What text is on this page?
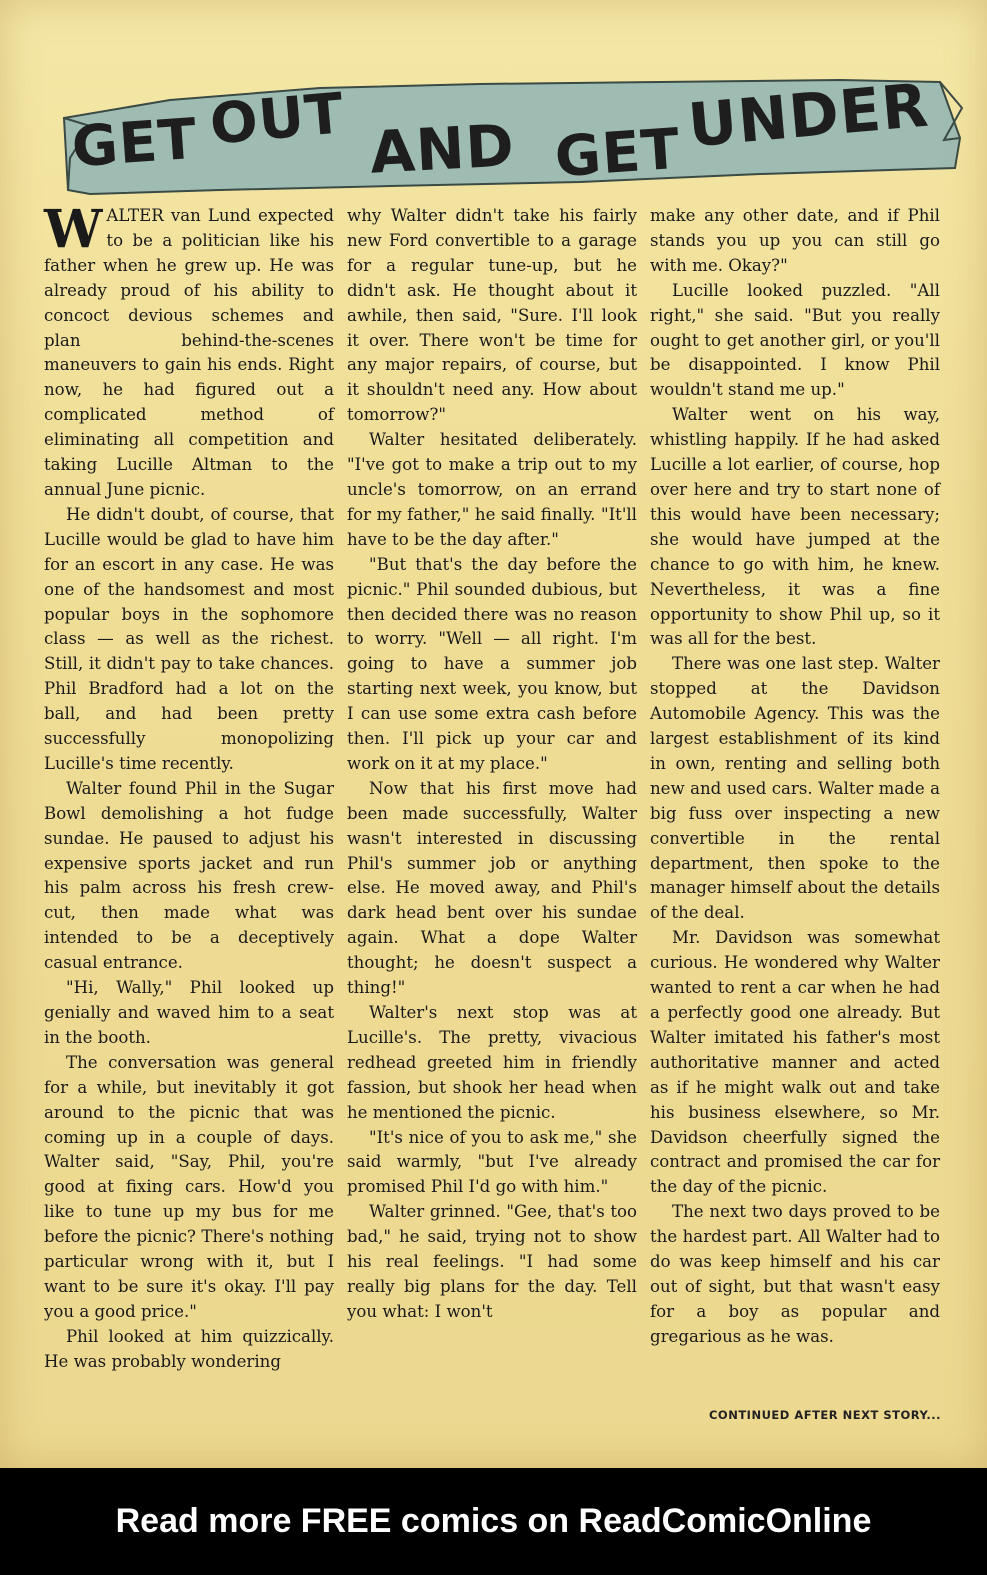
GET OUT AND GET UNDER

WALTER van Lund expected to be a politician like his father when he grew up. He was already proud of his ability to concoct devious schemes and plan behind-the-scenes maneuvers to gain his ends. Right now, he had figured out a complicated method of eliminating all competition and taking Lucille Altman to the annual June picnic.

He didn't doubt, of course, that Lucille would be glad to have him for an escort in any case. He was one of the handsomest and most popular boys in the sophomore class — as well as the richest. Still, it didn't pay to take chances. Phil Bradford had a lot on the ball, and had been pretty successfully monopolizing Lucille's time recently.

Walter found Phil in the Sugar Bowl demolishing a hot fudge sundae. He paused to adjust his expensive sports jacket and run his palm across his fresh crew-cut, then made what was intended to be a deceptively casual entrance.

"Hi, Wally," Phil looked up genially and waved him to a seat in the booth.

The conversation was general for a while, but inevitably it got around to the picnic that was coming up in a couple of days. Walter said, "Say, Phil, you're good at fixing cars. How'd you like to tune up my bus for me before the picnic? There's nothing particular wrong with it, but I want to be sure it's okay. I'll pay you a good price."

Phil looked at him quizzically. He was probably wondering

why Walter didn't take his fairly new Ford convertible to a garage for a regular tune-up, but he didn't ask. He thought about it awhile, then said, "Sure. I'll look it over. There won't be time for any major repairs, of course, but it shouldn't need any. How about tomorrow?"

Walter hesitated deliberately. "I've got to make a trip out to my uncle's tomorrow, on an errand for my father," he said finally. "It'll have to be the day after."

"But that's the day before the picnic." Phil sounded dubious, but then decided there was no reason to worry. "Well — all right. I'm going to have a summer job starting next week, you know, but I can use some extra cash before then. I'll pick up your car and work on it at my place."

Now that his first move had been made successfully, Walter wasn't interested in discussing Phil's summer job or anything else. He moved away, and Phil's dark head bent over his sundae again. What a dope Walter thought; he doesn't suspect a thing!"

Walter's next stop was at Lucille's. The pretty, vivacious redhead greeted him in friendly fassion, but shook her head when he mentioned the picnic.

"It's nice of you to ask me," she said warmly, "but I've already promised Phil I'd go with him."

Walter grinned. "Gee, that's too bad," he said, trying not to show his real feelings. "I had some really big plans for the day. Tell you what: I won't

make any other date, and if Phil stands you up you can still go with me. Okay?"

Lucille looked puzzled. "All right," she said. "But you really ought to get another girl, or you'll be disappointed. I know Phil wouldn't stand me up."

Walter went on his way, whistling happily. If he had asked Lucille a lot earlier, of course, hop over here and try to start none of this would have been necessary; she would have jumped at the chance to go with him, he knew. Nevertheless, it was a fine opportunity to show Phil up, so it was all for the best.

There was one last step. Walter stopped at the Davidson Automobile Agency. This was the largest establishment of its kind in own, renting and selling both new and used cars. Walter made a big fuss over inspecting a new convertible in the rental department, then spoke to the manager himself about the details of the deal.

Mr. Davidson was somewhat curious. He wondered why Walter wanted to rent a car when he had a perfectly good one already. But Walter imitated his father's most authoritative manner and acted as if he might walk out and take his business elsewhere, so Mr. Davidson cheerfully signed the contract and promised the car for the day of the picnic.

The next two days proved to be the hardest part. All Walter had to do was keep himself and his car out of sight, but that wasn't easy for a boy as popular and gregarious as he was.

CONTINUED AFTER NEXT STORY...
Read more FREE comics on ReadComicOnline
